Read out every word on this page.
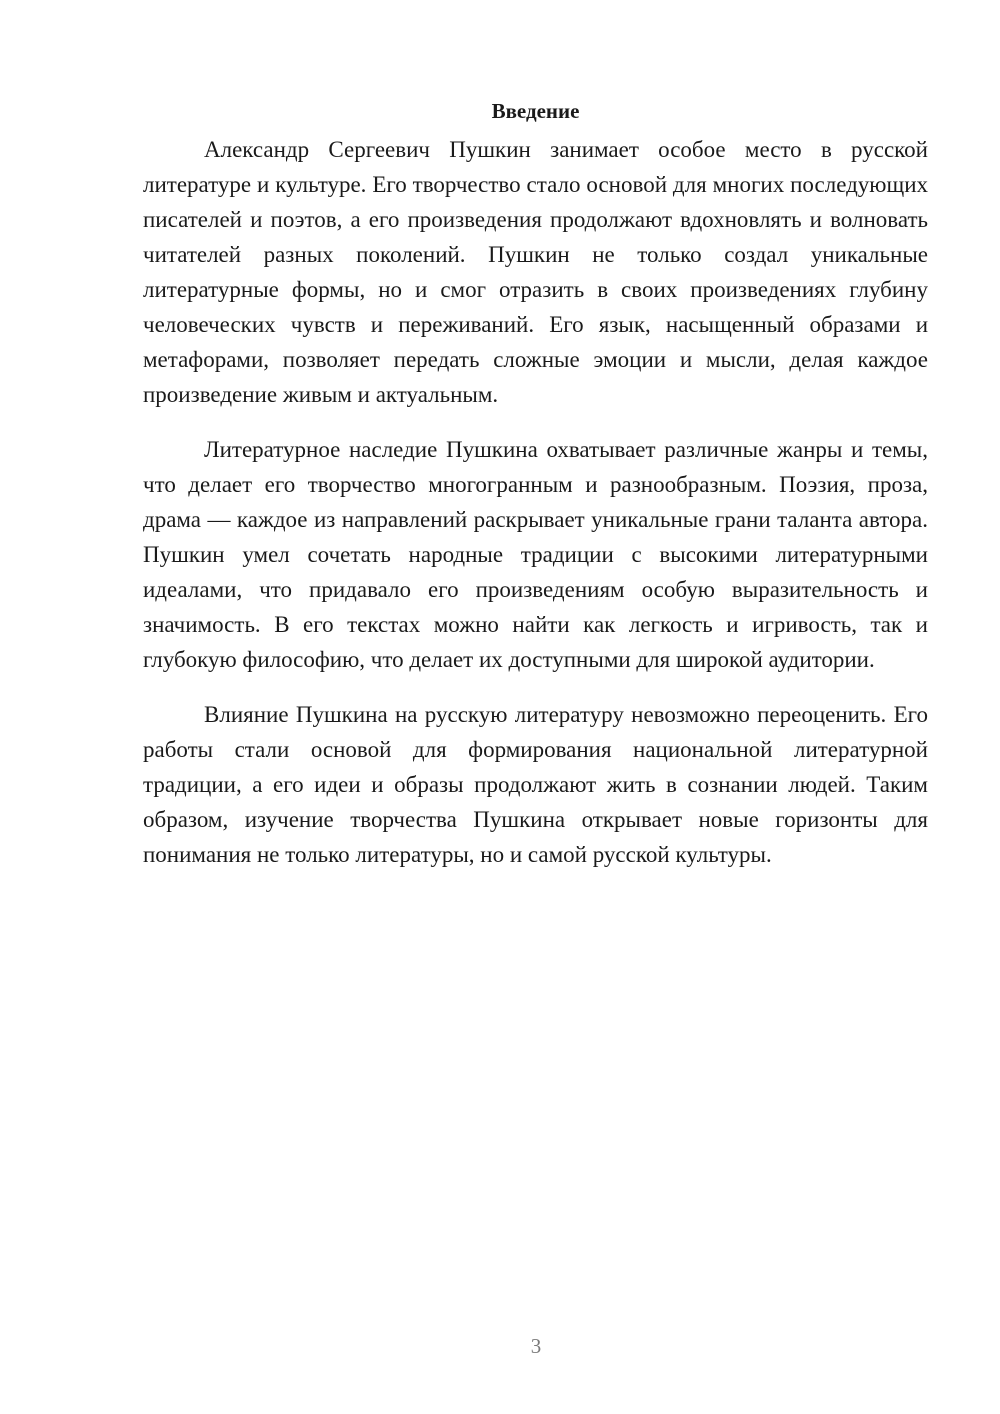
Введение

Александр Сергеевич Пушкин занимает особое место в русской литературе и культуре. Его творчество стало основой для многих последующих писателей и поэтов, а его произведения продолжают вдохновлять и волновать читателей разных поколений. Пушкин не только создал уникальные литературные формы, но и смог отразить в своих произведениях глубину человеческих чувств и переживаний. Его язык, насыщенный образами и метафорами, позволяет передать сложные эмоции и мысли, делая каждое произведение живым и актуальным.

Литературное наследие Пушкина охватывает различные жанры и темы, что делает его творчество многогранным и разнообразным. Поэзия, проза, драма — каждое из направлений раскрывает уникальные грани таланта автора. Пушкин умел сочетать народные традиции с высокими литературными идеалами, что придавало его произведениям особую выразительность и значимость. В его текстах можно найти как легкость и игривость, так и глубокую философию, что делает их доступными для широкой аудитории.

Влияние Пушкина на русскую литературу невозможно переоценить. Его работы стали основой для формирования национальной литературной традиции, а его идеи и образы продолжают жить в сознании людей. Таким образом, изучение творчества Пушкина открывает новые горизонты для понимания не только литературы, но и самой русской культуры.

3
